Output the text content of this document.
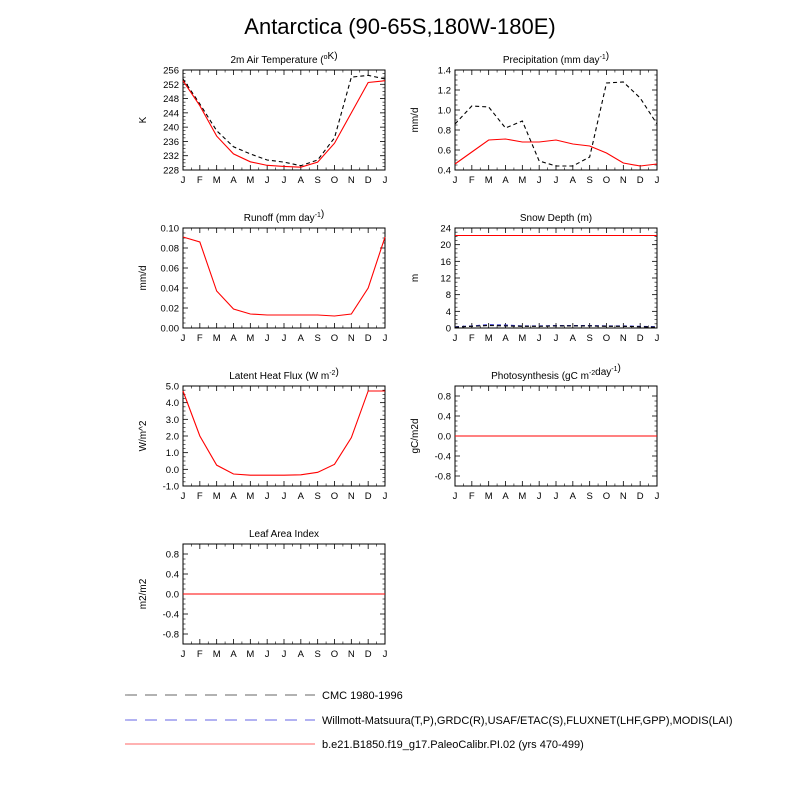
Antarctica (90-65S,180W-180E)
2m Air Temperature ($^o$K)
J F M A M J J A S O N D J
228
232
236
240
244
248
252
256
K
Precipitation (mm day$^{-1}$)
J F M A M J J A S O N D J
0.4
0.6
0.8
1.0
1.2
1.4
mm/d
Runoff (mm day$^{-1}$)
J F M A M J J A S O N D J
0.00
0.02
0.04
0.06
0.08
0.10
mm/d
Snow Depth (m)
J F M A M J J A S O N D J
0
4
8
12
16
20
24
m
Latent Heat Flux (W $m^{-2}$)
J F M A M J J A S O N D J
-1.0
0.0
1.0
2.0
3.0
4.0
5.0
W/m^2
Photosynthesis (gC $m^{-2}day^{-1}$)
J F M A M J J A S O N D J
-0.8
-0.4
0.0
0.4
0.8
gC/m2d
Leaf Area Index
J F M A M J J A S O N D J
-0.8
-0.4
0.0
0.4
0.8
m2/m2
CMC 1980-1996
Willmott-Matsuura(T,P),GRDC(R),USAF/ETAC(S),FLUXNET(LHF,GPP),MODIS(LAI)
b.e21.B1850.f19_g17.PaleoCalibr.PI.02 (yrs 470-499)
